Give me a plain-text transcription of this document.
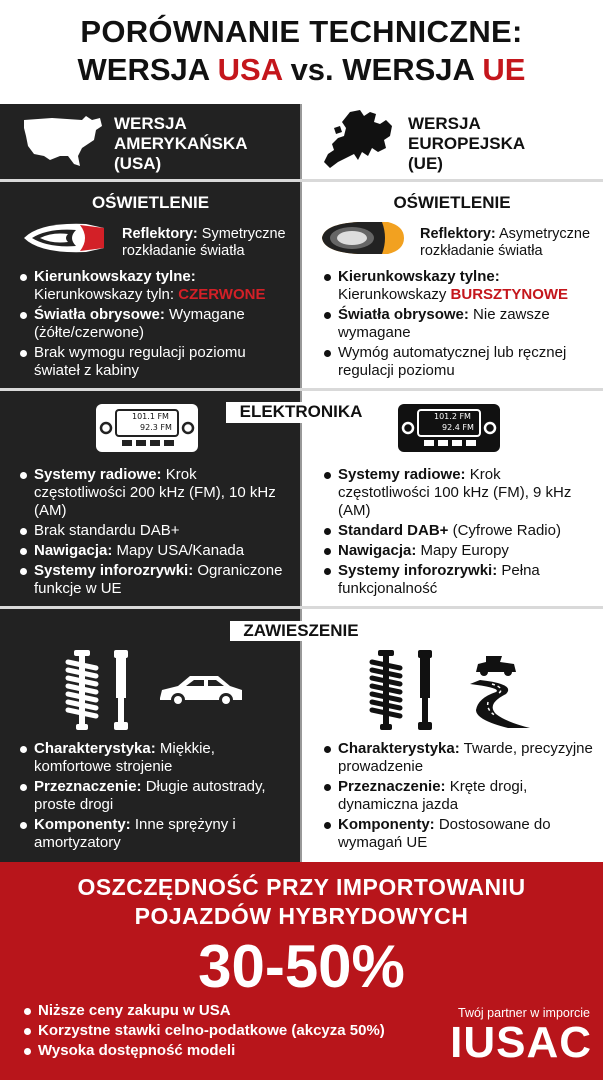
PORÓWNANIE TECHNICZNE:
WERSJA USA vs. WERSJA UE
WERSJA
AMERYKAŃSKA
(USA)
WERSJA
EUROPEJSKA
(UE)
OŚWIETLENIE	OŚWIETLENIE
Reflektory: Symetryczne
rozkładanie światła
Reflektory: Asymetryczne
rozkładanie światła
Kierunkowskazy tylne:
Kierunkowskazy tyln: CZERWONE
Światła obrysowe: Wymagane (żółte/czerwone)
Brak wymogu regulacji poziomu świateł z kabiny
Kierunkowskazy tylne:
Kierunkowskazy BURSZTYNOWE
Światła obrysowe: Nie zawsze wymagane
Wymóg automatycznej lub ręcznej regulacji poziomu
101.1 FM
92.3 FM
101.2 FM
92.4 FM
ELEKTRONIKA
Systemy radiowe: Krok częstotliwości 200 kHz (FM), 10 kHz (AM)
Brak standardu DAB+
Nawigacja: Mapy USA/Kanada
Systemy inforozrywki: Ograniczone funkcje w UE
Systemy radiowe: Krok częstotliwości 100 kHz (FM), 9 kHz (AM)
Standard DAB+ (Cyfrowe Radio)
Nawigacja: Mapy Europy
Systemy inforozrywki: Pełna funkcjonalność
ZAWIESZENIE
Charakterystyka: Miękkie, komfortowe strojenie
Przeznaczenie: Długie autostrady, proste drogi
Komponenty: Inne sprężyny i amortyzatory
Charakterystyka: Twarde, precyzyjne prowadzenie
Przeznaczenie: Kręte drogi, dynamiczna jazda
Komponenty: Dostosowane do wymagań UE
OSZCZĘDNOŚĆ PRZY IMPORTOWANIU
POJAZDÓW HYBRYDOWYCH
30-50%
Niższe ceny zakupu w USA
Korzystne stawki celno-podatkowe (akcyza 50%)
Wysoka dostępność modeli
Twój partner w imporcie
IUSAC
